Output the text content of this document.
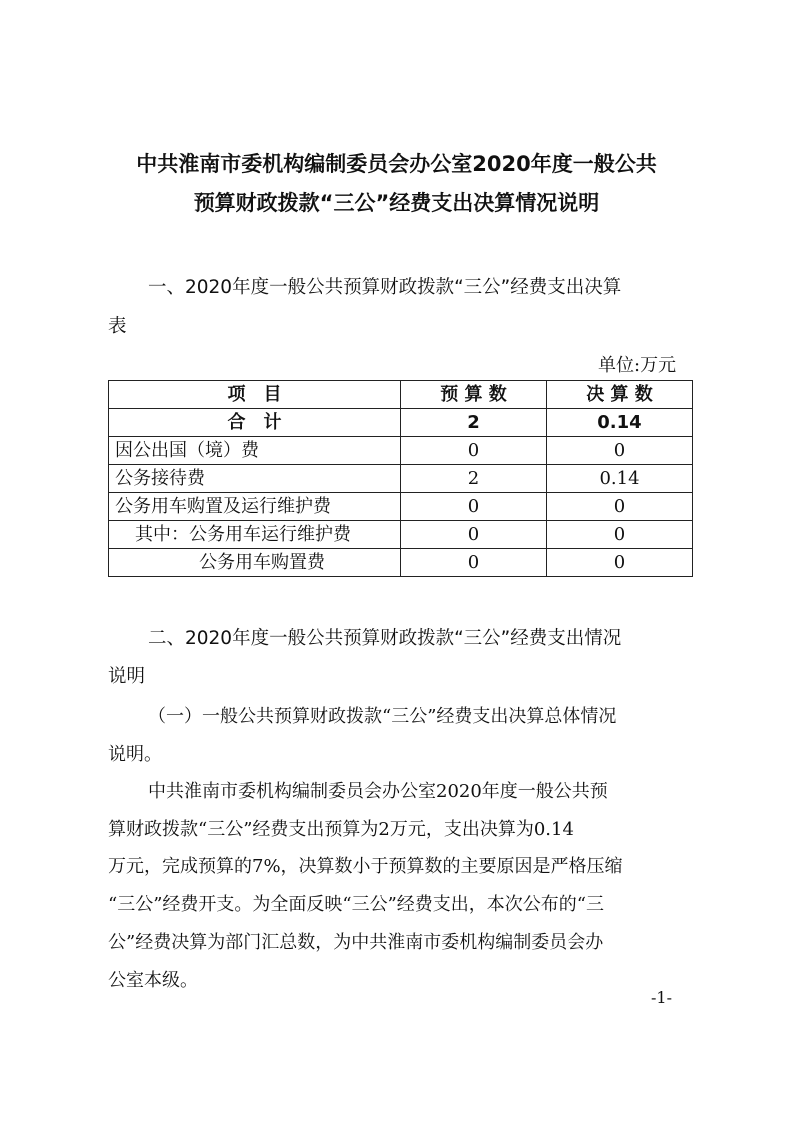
中共淮南市委机构编制委员会办公室2020年度一般公共
预算财政拨款“三公”经费支出决算情况说明
一、2020年度一般公共预算财政拨款“三公”经费支出决算
表
单位:万元
项　目	预 算 数	决 算 数
合　计	2	0.14
因公出国（境）费	0	0
公务接待费	2	0.14
公务用车购置及运行维护费	0	0
其中：公务用车运行维护费	0	0
公务用车购置费	0	0
二、2020年度一般公共预算财政拨款“三公”经费支出情况
说明
（一）一般公共预算财政拨款“三公”经费支出决算总体情况
说明。
中共淮南市委机构编制委员会办公室2020年度一般公共预
算财政拨款“三公”经费支出预算为2万元，支出决算为0.14
万元，完成预算的7%，决算数小于预算数的主要原因是严格压缩
“三公”经费开支。为全面反映“三公”经费支出，本次公布的“三
公”经费决算为部门汇总数，为中共淮南市委机构编制委员会办
公室本级。
-1-
